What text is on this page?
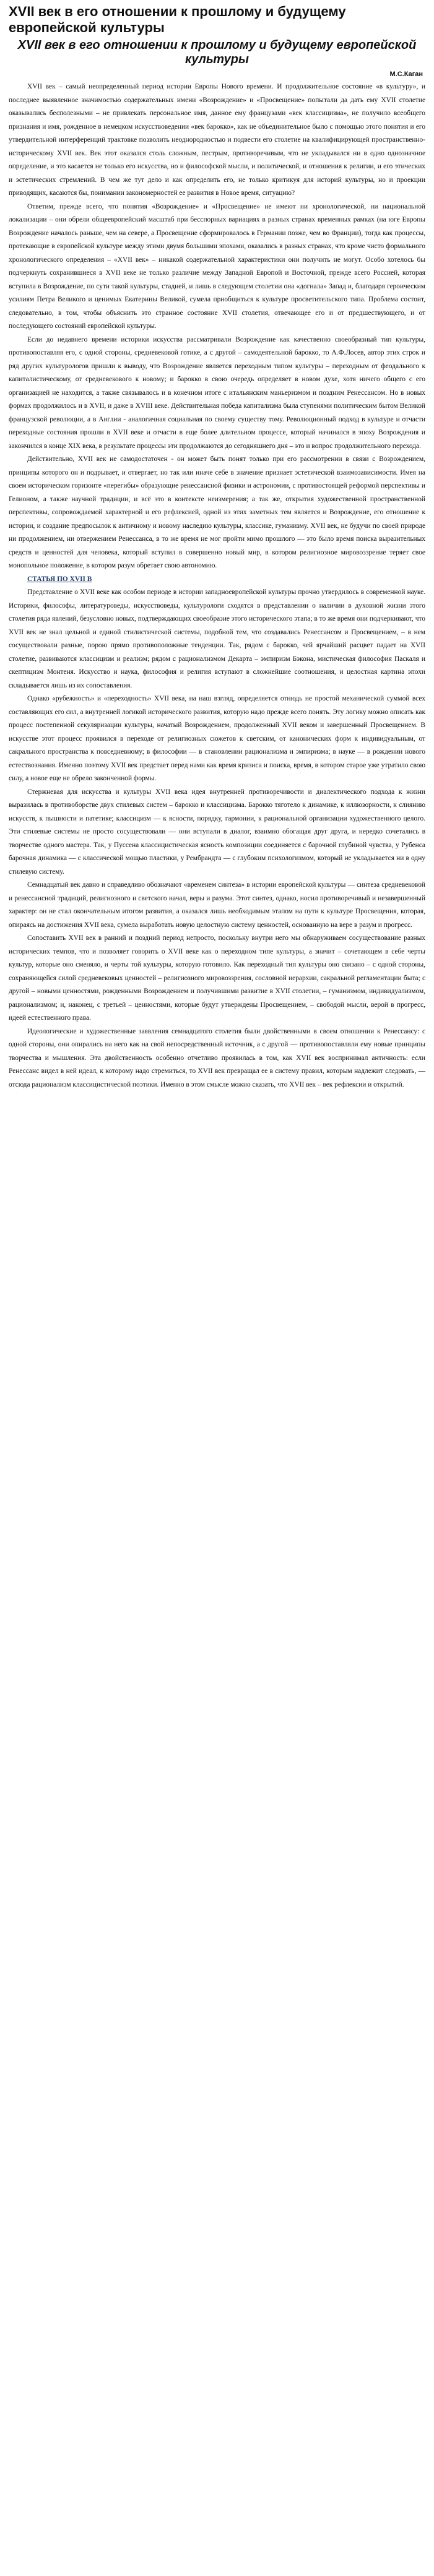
XVII век в его отношении к прошлому и будущему европейской культуры
XVII век в его отношении к прошлому и будущему европейской культуры
М.С.Каган

XVII век – самый неопределенный период истории Европы Нового времени. И продолжительное состояние «в культуру», и последнее выявленное значимостью содержательных имени «Возрождение» и «Просвещение» попытали да дать ему XVII столетие оказывались бесполезными – не привлекать персональное имя, данное ему французами «век классицизма», не получило всеобщего признания и имя, рожденное в немецком искусствоведении «век барокко», как не объединительное было с помощью этого понятия и его утвердительной интерференций трактовке позволить неоднородностью и подвести его столетие на квалифицирующей пространственно-историческому XVII век. Век этот оказался столь сложным, пестрым, противоречивым, что не укладывался ни в одно однозначное определение, и это касается не только его искусства, но и философской мысли, и политической, и отношения к религии, и его этических и эстетических стремлений. В чем же тут дело и как определить его, не только критикуя для историй культуры, но и проекции приводящих, касаются бы, понимании закономерностей ее развития в Новое время, ситуацию?

Ответим, прежде всего, что понятия «Возрождение» и «Просвещение» не имеют ни хронологической, ни национальной локализации – они обрели общеевропейский масштаб при бесспорных вариациях в разных странах временных рамках (на юге Европы Возрождение началось раньше, чем на севере, а Просвещение сформировалось в Германии позже, чем во Франции), тогда как процессы, протекающие в европейской культуре между этими двумя большими эпохами, оказались в разных странах, что кроме чисто формального хронологического определения – «XVII век» – никакой содержательной характеристики они получить не могут. Особо хотелось бы подчеркнуть сохранившиеся в XVII веке не только различие между Западной Европой и Восточной, прежде всего Россией, которая вступила в Возрождение, по сути такой культуры, стадией, и лишь в следующем столетии она «догнала» Запад и, благодаря героическим усилиям Петра Великого и ценимых Екатерины Великой, сумела приобщиться к культуре просветительского типа. Проблема состоит, следовательно, в том, чтобы объяснить это странное состояние XVII столетия, отвечающее его и от предшествующего, и от последующего состояний европейской культуры.

Если до недавнего времени историки искусства рассматривали Возрождение как качественно своеобразный тип культуры, противопоставляя его, с одной стороны, средневековой готике, а с другой – самодеятельной барокко, то А.Ф.Лосев, автор этих строк и ряд других культурологов пришли к выводу, что Возрождение является переходным типом культуры – переходным от феодального к капиталистическому, от средневекового к новому; и барокко в свою очередь определяет в новом духе, хотя ничего общего с его организацией не находится, а также связывалось и в конечном итоге с итальянским маньеризмом и поздним Ренессансом. Но в новых формах продолжилось и в XVII, и даже в XVIII веке. Действительная победа капитализма была ступенями политическим бытом Великой французской революции, а в Англии - аналогичная социальная по своему существу тому. Революционный подход в культуре и отчасти переходные состояния прошли в XVII веке и отчасти в еще более длительном процессе, который начинался в эпоху Возрождения и закончился в конце XIX века, в результате процессы эти продолжаются до сегодняшнего дня – это и вопрос продолжительного перехода.

Действительно, XVII век не самодостаточен - он может быть понят только при его рассмотрении в связи с Возрождением, принципы которого он и подрывает, и отвергает, но так или иначе себе в значение признает эстетической взаимозависимости. Имея на своем историческом горизонте «перегибы» образующие ренессансной физики и астрономии, с противостоящей реформой перспективы и Гелионом, а также научной традиции, и всё это в контексте неизмерения; а так же, открытия художественной пространственной перспективы, сопровождаемой характерной и его рефлексией, одной из этих заметных тем является и Возрождение, его отношение к истории, и создание предпосылок к античному и новому наследию культуры, классике, гуманизму. XVII век, не будучи по своей природе ни продолжением, ни отвержением Ренессанса, в то же время не мог пройти мимо прошлого — это было время поиска выразительных средств и ценностей для человека, который вступил в совершенно новый мир, в котором религиозное мировоззрение теряет свое монопольное положение, в котором разум обретает свою автономию.

СТАТЬЯ ПО XVII В

Представление о XVII веке как особом периоде в истории западноевропейской культуры прочно утвердилось в современной науке. Историки, философы, литературоведы, искусствоведы, культурологи сходятся в представлении о наличии в духовной жизни этого столетия ряда явлений, безусловно новых, подтверждающих своеобразие этого исторического этапа; в то же время они подчеркивают, что XVII век не знал цельной и единой стилистической системы, подобной тем, что создавались Ренессансом и Просвещением, – в нем сосуществовали разные, порою прямо противоположные тенденции. Так, рядом с барокко, чей ярчайший расцвет падает на XVII столетие, развиваются классицизм и реализм; рядом с рационализмом Декарта – эмпиризм Бэкона, мистическая философия Паскаля и скептицизм Монтеня. Искусство и наука, философия и религия вступают в сложнейшие соотношения, и целостная картина эпохи складывается лишь из их сопоставления.

Однако «рубежность» и «переходность» XVII века, на наш взгляд, определяется отнюдь не простой механической суммой всех составляющих его сил, а внутренней логикой исторического развития, которую надо прежде всего понять. Эту логику можно описать как процесс постепенной секуляризации культуры, начатый Возрождением, продолженный XVII веком и завершенный Просвещением. В искусстве этот процесс проявился в переходе от религиозных сюжетов к светским, от канонических форм к индивидуальным, от сакрального пространства к повседневному; в философии — в становлении рационализма и эмпиризма; в науке — в рождении нового естествознания. Именно поэтому XVII век предстает перед нами как время кризиса и поиска, время, в котором старое уже утратило свою силу, а новое еще не обрело законченной формы.

Стержневая для искусства и культуры XVII века идея внутренней противоречивости и диалектического подхода к жизни выразилась в противоборстве двух стилевых систем – барокко и классицизма. Барокко тяготело к динамике, к иллюзорности, к слиянию искусств, к пышности и патетике; классицизм — к ясности, порядку, гармонии, к рациональной организации художественного целого. Эти стилевые системы не просто сосуществовали — они вступали в диалог, взаимно обогащая друг друга, и нередко сочетались в творчестве одного мастера. Так, у Пуссена классицистическая ясность композиции соединяется с барочной глубиной чувства, у Рубенса барочная динамика — с классической мощью пластики, у Рембрандта — с глубоким психологизмом, который не укладывается ни в одну стилевую систему.

Семнадцатый век давно и справедливо обозначают «временем синтеза» в истории европейской культуры — синтеза средневековой и ренессансной традиций, религиозного и светского начал, веры и разума. Этот синтез, однако, носил противоречивый и незавершенный характер: он не стал окончательным итогом развития, а оказался лишь необходимым этапом на пути к культуре Просвещения, которая, опираясь на достижения XVII века, сумела выработать новую целостную систему ценностей, основанную на вере в разум и прогресс.

Сопоставить XVII век в ранний и поздний период непросто, поскольку внутри него мы обнаруживаем сосуществование разных исторических темпов, что и позволяет говорить о XVII веке как о переходном типе культуры, а значит – сочетающем в себе черты культур, которые оно сменяло, и черты той культуры, которую готовило. Как переходный тип культуры оно связано – с одной стороны, сохраняющейся силой средневековых ценностей – религиозного мировоззрения, сословной иерархии, сакральной регламентации быта; с другой – новыми ценностями, рожденными Возрождением и получившими развитие в XVII столетии, – гуманизмом, индивидуализмом, рационализмом; и, наконец, с третьей – ценностями, которые будут утверждены Просвещением, – свободой мысли, верой в прогресс, идеей естественного права.

Идеологические и художественные заявления семнадцатого столетия были двойственными в своем отношении к Ренессансу: с одной стороны, они опирались на него как на свой непосредственный источник, а с другой — противопоставляли ему новые принципы творчества и мышления. Эта двойственность особенно отчетливо проявилась в том, как XVII век воспринимал античность: если Ренессанс видел в ней идеал, к которому надо стремиться, то XVII век превращал ее в систему правил, которым надлежит следовать, — отсюда рационализм классицистической поэтики. Именно в этом смысле можно сказать, что XVII век – век рефлексии и открытий.
